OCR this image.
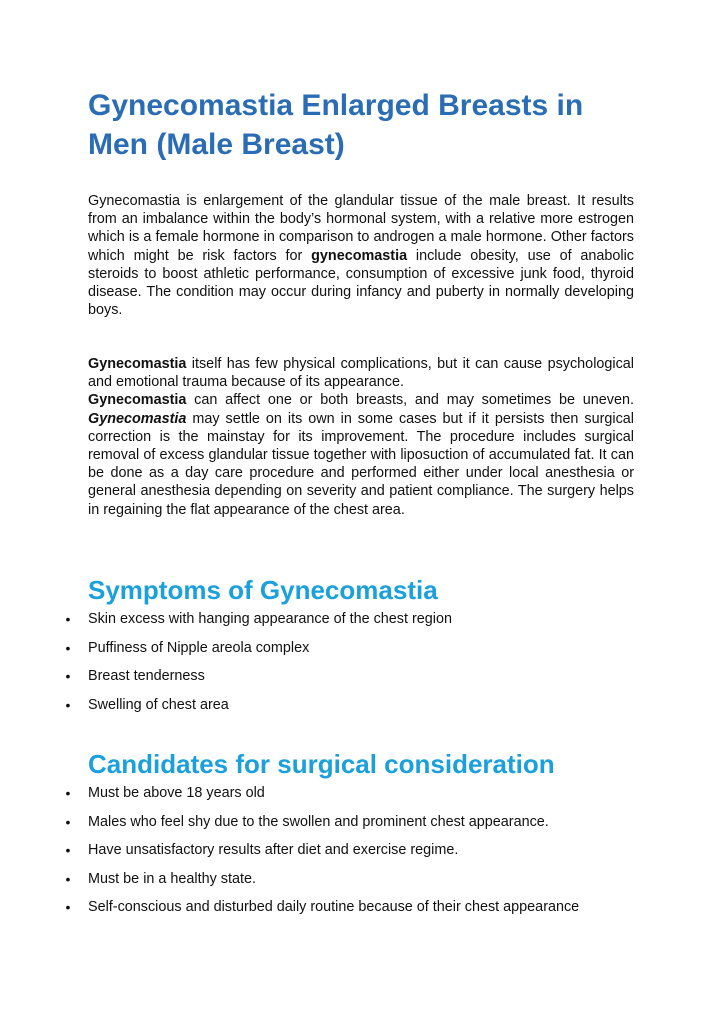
Gynecomastia Enlarged Breasts in Men (Male Breast)

Gynecomastia is enlargement of the glandular tissue of the male breast. It results from an imbalance within the body’s hormonal system, with a relative more estrogen which is a female hormone in comparison to androgen a male hormone. Other factors which might be risk factors for gynecomastia include obesity, use of anabolic steroids to boost athletic performance, consumption of excessive junk food, thyroid disease. The condition may occur during infancy and puberty in normally developing boys.

Gynecomastia itself has few physical complications, but it can cause psychological and emotional trauma because of its appearance.
Gynecomastia can affect one or both breasts, and may sometimes be uneven. Gynecomastia may settle on its own in some cases but if it persists then surgical correction is the mainstay for its improvement. The procedure includes surgical removal of excess glandular tissue together with liposuction of accumulated fat. It can be done as a day care procedure and performed either under local anesthesia or general anesthesia depending on severity and patient compliance. The surgery helps in regaining the flat appearance of the chest area.

Symptoms of Gynecomastia
• Skin excess with hanging appearance of the chest region
• Puffiness of Nipple areola complex
• Breast tenderness
• Swelling of chest area
Candidates for surgical consideration
• Must be above 18 years old
• Males who feel shy due to the swollen and prominent chest appearance.
• Have unsatisfactory results after diet and exercise regime.
• Must be in a healthy state.
• Self-conscious and disturbed daily routine because of their chest appearance
